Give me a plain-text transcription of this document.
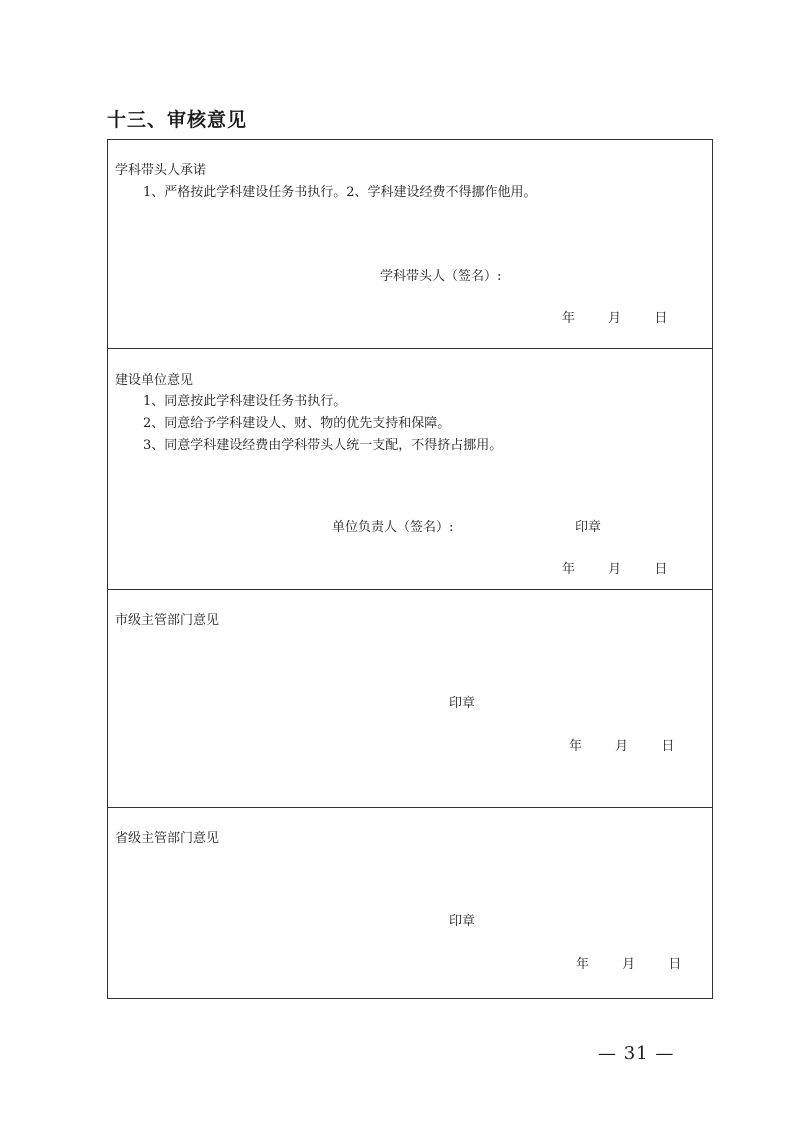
十三、审核意见
学科带头人承诺
1、严格按此学科建设任务书执行。2、学科建设经费不得挪作他用。
学科带头人（签名）:
年	月	日
建设单位意见
1、同意按此学科建设任务书执行。
2、同意给予学科建设人、财、物的优先支持和保障。
3、同意学科建设经费由学科带头人统一支配，不得挤占挪用。
单位负责人（签名）:	印章
年	月	日
市级主管部门意见
印章
年	月	日
省级主管部门意见
印章
年	月	日
— 31 —
